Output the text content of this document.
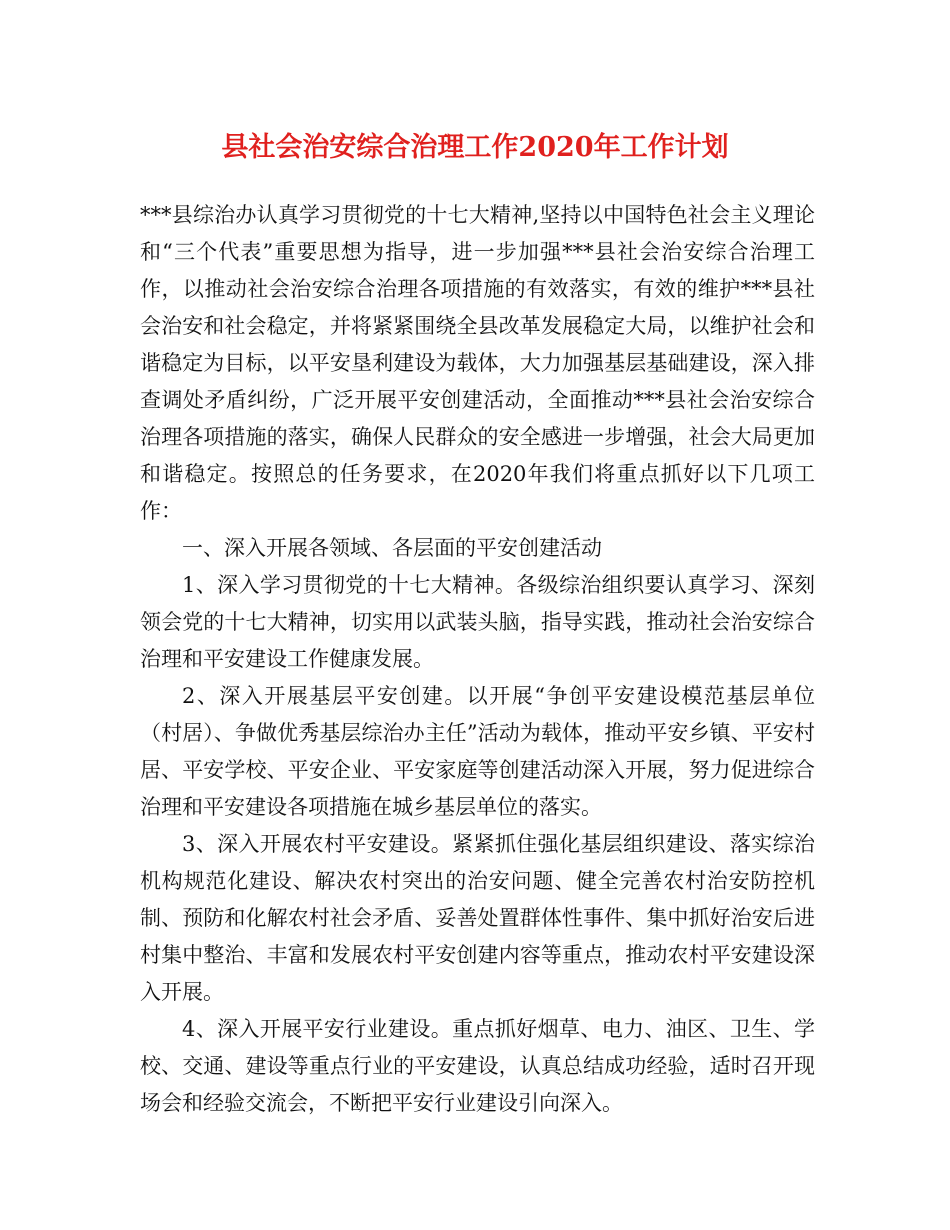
县社会治安综合治理工作2020年工作计划

***县综治办认真学习贯彻党的十七大精神,坚持以中国特色社会主义理论和“三个代表”重要思想为指导，进一步加强***县社会治安综合治理工作，以推动社会治安综合治理各项措施的有效落实，有效的维护***县社会治安和社会稳定，并将紧紧围绕全县改革发展稳定大局，以维护社会和谐稳定为目标，以平安垦利建设为载体，大力加强基层基础建设，深入排查调处矛盾纠纷，广泛开展平安创建活动，全面推动***县社会治安综合治理各项措施的落实，确保人民群众的安全感进一步增强，社会大局更加和谐稳定。按照总的任务要求，在2020年我们将重点抓好以下几项工作：

一、深入开展各领域、各层面的平安创建活动

1、深入学习贯彻党的十七大精神。各级综治组织要认真学习、深刻领会党的十七大精神，切实用以武装头脑，指导实践，推动社会治安综合治理和平安建设工作健康发展。

2、深入开展基层平安创建。以开展“争创平安建设模范基层单位（村居）、争做优秀基层综治办主任”活动为载体，推动平安乡镇、平安村居、平安学校、平安企业、平安家庭等创建活动深入开展，努力促进综合治理和平安建设各项措施在城乡基层单位的落实。

3、深入开展农村平安建设。紧紧抓住强化基层组织建设、落实综治机构规范化建设、解决农村突出的治安问题、健全完善农村治安防控机制、预防和化解农村社会矛盾、妥善处置群体性事件、集中抓好治安后进村集中整治、丰富和发展农村平安创建内容等重点，推动农村平安建设深入开展。

4、深入开展平安行业建设。重点抓好烟草、电力、油区、卫生、学校、交通、建设等重点行业的平安建设，认真总结成功经验，适时召开现场会和经验交流会，不断把平安行业建设引向深入。
